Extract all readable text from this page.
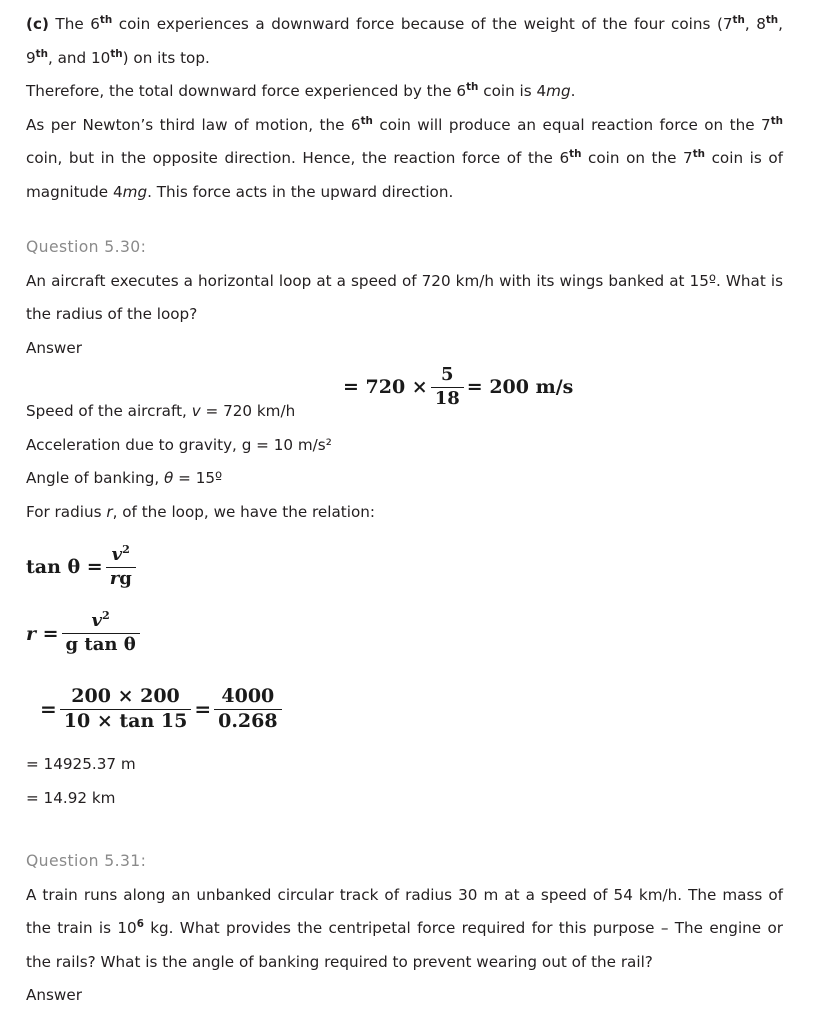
(c) The 6th coin experiences a downward force because of the weight of the four coins (7th, 8th, 9th, and 10th) on its top.

Therefore, the total downward force experienced by the 6th coin is 4mg.

As per Newton’s third law of motion, the 6th coin will produce an equal reaction force on the 7th coin, but in the opposite direction. Hence, the reaction force of the 6th coin on the 7th coin is of magnitude 4mg. This force acts in the upward direction.

Question 5.30:

An aircraft executes a horizontal loop at a speed of 720 km/h with its wings banked at 15º. What is the radius of the loop?

Answer

Speed of the aircraft, v = 720 km/h

= $720 \times \frac{5}{18} = 200$ m/s

Acceleration due to gravity, g = 10 m/s²

Angle of banking, θ = 15º

For radius r, of the loop, we have the relation:

$\tan \theta = \frac{v^2}{rg}$
$r = \frac{v^2}{\text{g tan θ}}$
= $\frac{200 \times 200}{10 \times \tan 15} = \frac{4000}{0.268}$

= 14925.37 m

= 14.92 km

Question 5.31:

A train runs along an unbanked circular track of radius 30 m at a speed of 54 km/h. The mass of the train is $10^6$ kg. What provides the centripetal force required for this purpose – The engine or the rails? What is the angle of banking required to prevent wearing out of the rail?

Answer
